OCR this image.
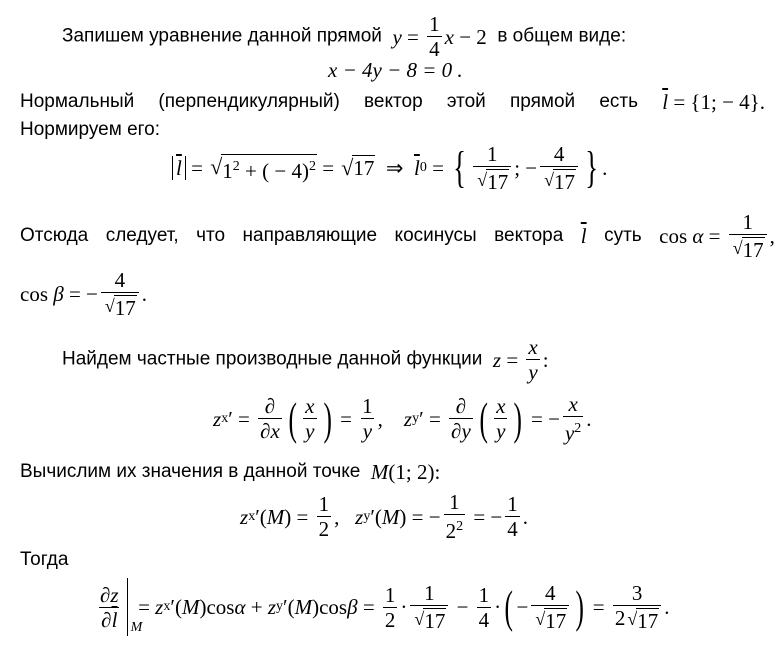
Запишем уравнение данной прямой $y = \frac{1}{4}$ x − 2  в общем виде:
x − 4y − 8 = 0 .
Нормальный (перпендикулярный) вектор этой прямой есть $\overline{l} = \{1$; − 4}.
Нормируем его:
$\overline{l}$ = √ $1^2$ + ( − 4)$^2$ = √ 17 ⇒ $\overline{l}$ 0 = { $\frac{1}{√ 17}$ ; − $\frac{4}{√ 17}$ } .
Отсюда следует, что направляющие косинусы вектора $\overline{l}$ суть $\cos \alpha = \frac{1}{√ 17}$ ,
cos β = − $\frac{4}{√ 17}$ .
Найдем частные производные данной функции $z = \frac{x}{y}$ :
z x ′ = $\frac{\partial}{\partial x}$ ( $\frac{x}{y}$ ) = $\frac{1}{y}$ , z y ′ = $\frac{\partial}{\partial y}$ ( $\frac{x}{y}$ ) = − $\frac{x}{y^2}$ .
Вычислим их значения в данной точке M (1; 2):
z x ′( M ) = $\frac{1}{2}$ , z y ′( M ) = − $\frac{1}{2^2}$ = − $\frac{1}{4}$ .
Тогда
$\frac{\partial z}{\partial\overline{l}}$ M
= z x ′( M )cos α + z y ′( M )cos $\beta = \frac{1}{2} \cdot \frac{1}{√ 17} - \frac{1}{4}$ · ( − $\frac{4}{√ 17}$ ) = $\frac{3}{2 √ 17}$ .
